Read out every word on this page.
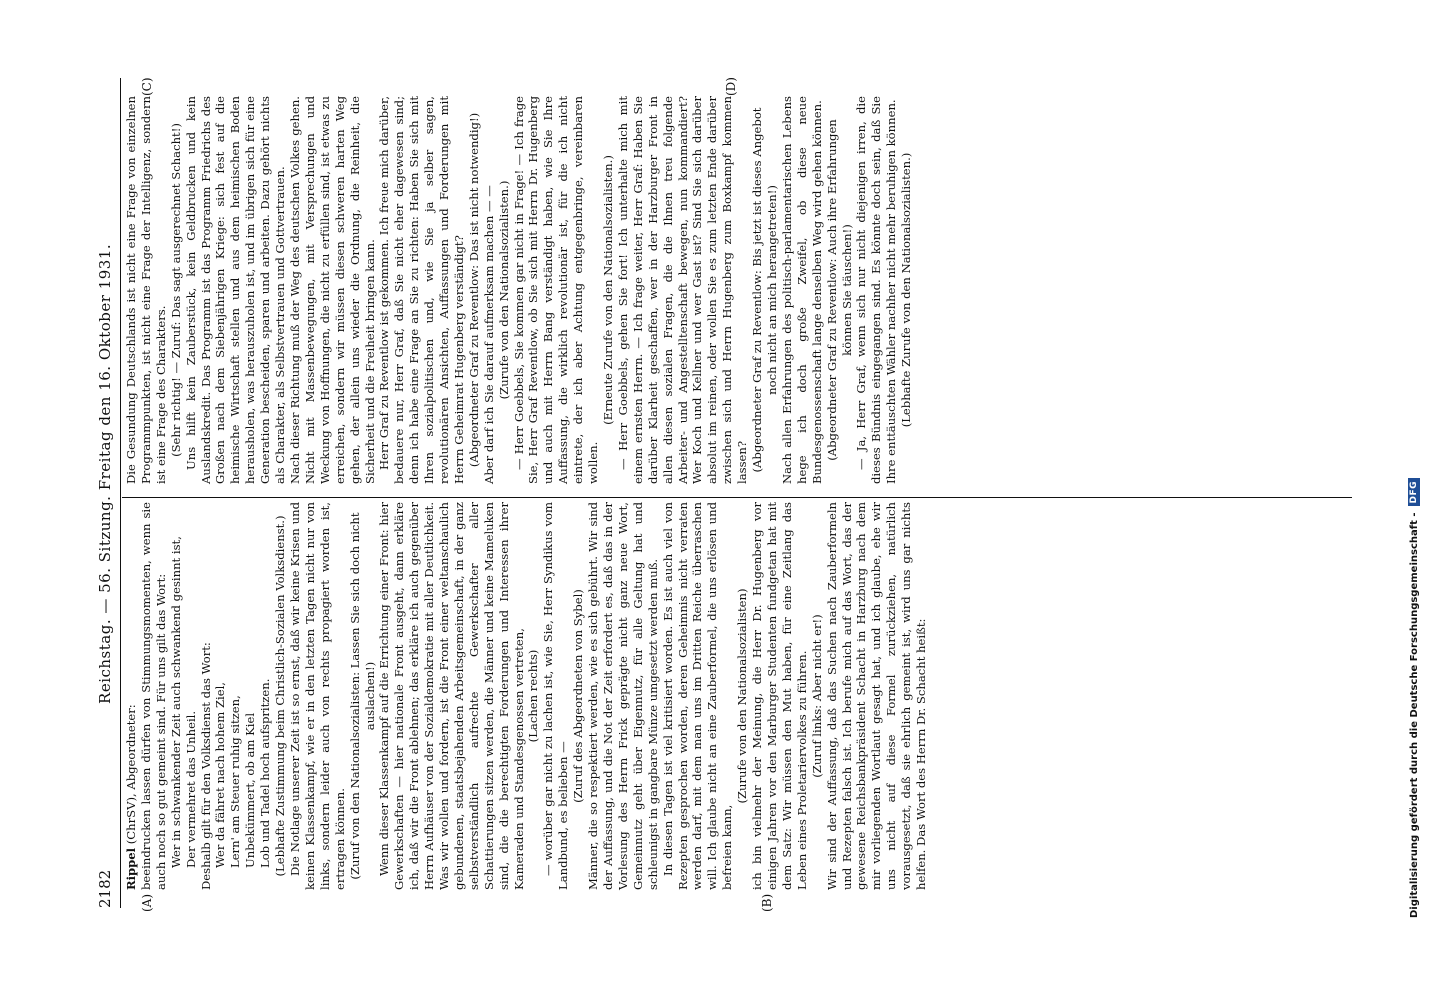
2182
Reichstag. — 56. Sitzung. Freitag den 16. Oktober 1931.
(A)	(B)
(C)	(D)

Rippel (ChrSV), Abgeordneter: beeindrucken lassen dürfen von Stimmungsmomenten, wenn sie auch noch so gut gemeint sind. Für uns gilt das Wort: Wer in schwankender Zeit auch schwankend gesinnt ist, Der vermehret das Unheil. Deshalb gilt für den Volksdienst das Wort: Wer da fähret nach hohem Ziel, Lern' am Steuer ruhig sitzen, Unbekümmert, ob am Kiel Lob und Tadel hoch aufspritzen. (Lebhafte Zustimmung beim Christlich-Sozialen Volksdienst.) Die Notlage unserer Zeit ist so ernst, daß wir keine Krisen und keinen Klassenkampf, wie er in den letzten Tagen nicht nur von links, sondern leider auch von rechts propagiert worden ist, ertragen können. (Zuruf von den Nationalsozialisten: Lassen Sie sich doch nicht auslachen!) Wenn dieser Klassenkampf auf die Errichtung einer Front: hier Gewerkschaften — hier nationale Front ausgeht, dann erkläre ich, daß wir die Front ablehnen; das erkläre ich auch gegenüber Herrn Aufhäuser von der Sozialdemokratie mit aller Deutlichkeit. Was wir wollen und fordern, ist die Front einer weltanschaulich gebundenen, staatsbejahenden Arbeitsgemeinschaft, in der ganz selbstverständlich aufrechte Gewerkschafter aller Schattierungen sitzen werden, die Männer und keine Mameluken sind, die die berechtigten Forderungen und Interessen ihrer Kameraden und Standesgenossen vertreten, (Lachen rechts) — worüber gar nicht zu lachen ist, wie Sie, Herr Syndikus vom Landbund, es belieben —

(Zuruf des Abgeordneten von Sybel) Männer, die so respektiert werden, wie es sich gebührt. Wir sind der Auffassung, und die Not der Zeit erfordert es, daß das in der Vorlesung des Herrn Frick geprägte nicht ganz neue Wort, Gemeinnutz geht über Eigennutz, für alle Geltung hat und schleunigst in gangbare Münze umgesetzt werden muß. In diesen Tagen ist viel kritisiert worden. Es ist auch viel von Rezepten gesprochen worden, deren Geheimnis nicht verraten werden darf, mit dem man uns im Dritten Reiche überraschen will. Ich glaube nicht an eine Zauberformel, die uns erlösen und befreien kann,

(Zurufe von den Nationalsozialisten) ich bin vielmehr der Meinung, die Herr Dr. Hugenberg vor einigen Jahren vor den Marburger Studenten fundgetan hat mit dem Satz: Wir müssen den Mut haben, für eine Zeitlang das Leben eines Proletariervolkes zu führen. (Zuruf links: Aber nicht er!) Wir sind der Auffassung, daß das Suchen nach Zauberformeln und Rezepten falsch ist. Ich berufe mich auf das Wort, das der gewesene Reichsbankpräsident Schacht in Harzburg nach dem mir vorliegenden Wortlaut gesagt hat, und ich glaube, ehe wir uns nicht auf diese Formel zurückziehen, natürlich vorausgesetzt, daß sie ehrlich gemeint ist, wird uns gar nichts helfen. Das Wort des Herrn Dr. Schacht heißt:

Die Gesundung Deutschlands ist nicht eine Frage von einzelnen Programmpunkten, ist nicht eine Frage der Intelligenz, sondern ist eine Frage des Charakters. (Sehr richtig! — Zuruf: Das sagt ausgerechnet Schacht!) Uns hilft kein Zauberstück, kein Geldbrucken und kein Auslandskredit. Das Programm ist das Programm Friedrichs des Großen nach dem Siebenjährigen Kriege: sich fest auf die heimische Wirtschaft stellen und aus dem heimischen Boden herausholen, was herauszuholen ist, und im übrigen sich für eine Generation bescheiden, sparen und arbeiten. Dazu gehört nichts als Charakter, als Selbstvertrauen und Gottvertrauen. Nach dieser Richtung muß der Weg des deutschen Volkes gehen. Nicht mit Massenbewegungen, mit Versprechungen und Weckung von Hoffnungen, die nicht zu erfüllen sind, ist etwas zu erreichen, sondern wir müssen diesen schweren harten Weg gehen, der allein uns wieder die Ordnung, die Reinheit, die Sicherheit und die Freiheit bringen kann. Herr Graf zu Reventlow ist gekommen. Ich freue mich darüber, bedauere nur, Herr Graf, daß Sie nicht eher dagewesen sind; denn ich habe eine Frage an Sie zu richten: Haben Sie sich mit Ihren sozialpolitischen und, wie Sie ja selber sagen, revolutionären Ansichten, Auffassungen und Forderungen mit Herrn Geheimrat Hugenberg verständigt? (Abgeordneter Graf zu Reventlow: Das ist nicht notwendig!) Aber darf ich Sie darauf aufmerksam machen — — (Zurufe von den Nationalsozialisten.) — Herr Goebbels, Sie kommen gar nicht in Frage! — Ich frage Sie, Herr Graf Reventlow, ob Sie sich mit Herrn Dr. Hugenberg und auch mit Herrn Bang verständigt haben, wie Sie Ihre Auffassung, die wirklich revolutionär ist, für die ich nicht eintrete, der ich aber Achtung entgegenbringe, vereinbaren wollen.

(Erneute Zurufe von den Nationalsozialisten.) — Herr Goebbels, gehen Sie fort! Ich unterhalte mich mit einem ernsten Herrn. — Ich frage weiter, Herr Graf: Haben Sie darüber Klarheit geschaffen, wer in der Harzburger Front in allen diesen sozialen Fragen, die die Ihnen treu folgende Arbeiter- und Angestelltenschaft bewegen, nun kommandiert? Wer Koch und Kellner und wer Gast ist? Sind Sie sich darüber absolut im reinen, oder wollen Sie es zum letzten Ende darüber zwischen sich und Herrn Hugenberg zum Boxkampf kommen lassen? (Abgeordneter Graf zu Reventlow: Bis jetzt ist dieses Angebot noch nicht an mich herangetreten!) Nach allen Erfahrungen des politisch-parlamentarischen Lebens hege ich doch große Zweifel, ob diese neue Bundesgenossenschaft lange denselben Weg wird gehen können. (Abgeordneter Graf zu Reventlow: Auch ihre Erfahrungen können Sie täuschen!) — Ja, Herr Graf, wenn sich nur nicht diejenigen irren, die dieses Bündnis eingegangen sind. Es könnte doch sein, daß Sie Ihre enttäuschten Wähler nachher nicht mehr beruhigen können. (Lebhafte Zurufe von den Nationalsozialisten.)

Digitalisierung gefördert durch die Deutsche Forschungsgemeinschaft -
DFG
